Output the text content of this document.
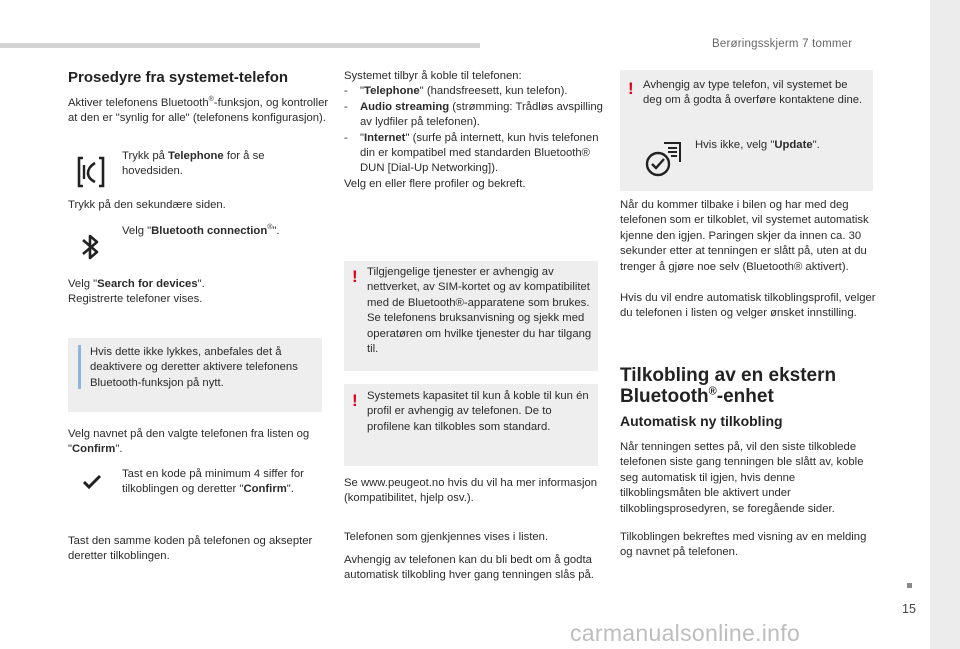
Berøringsskjerm 7 tommer
15
carmanualsonline.info
Prosedyre fra systemet-telefon
Aktiver telefonens Bluetooth®-funksjon, og kontroller at den er "synlig for alle" (telefonens konfigurasjon).
Trykk på Telephone for å se hovedsiden.
Trykk på den sekundære siden.
Velg "Bluetooth connection®".
Velg "Search for devices".
Registrerte telefoner vises.
Hvis dette ikke lykkes, anbefales det å deaktivere og deretter aktivere telefonens Bluetooth-funksjon på nytt.
Velg navnet på den valgte telefonen fra listen og "Confirm".
Tast en kode på minimum 4 siffer for tilkoblingen og deretter "Confirm".
Tast den samme koden på telefonen og aksepter deretter tilkoblingen.
Systemet tilbyr å koble til telefonen:
- "Telephone" (handsfreesett, kun telefon).
- Audio streaming (strømming: Trådløs avspilling av lydfiler på telefonen).
- "Internet" (surfe på internett, kun hvis telefonen din er kompatibel med standarden Bluetooth® DUN [Dial-Up Networking]).
Velg en eller flere profiler og bekreft.
! Tilgjengelige tjenester er avhengig av nettverket, av SIM-kortet og av kompatibilitet med de Bluetooth®-apparatene som brukes. Se telefonens bruksanvisning og sjekk med operatøren om hvilke tjenester du har tilgang til.
! Systemets kapasitet til kun å koble til kun én profil er avhengig av telefonen. De to profilene kan tilkobles som standard.
Se www.peugeot.no hvis du vil ha mer informasjon (kompatibilitet, hjelp osv.).
Telefonen som gjenkjennes vises i listen.
Avhengig av telefonen kan du bli bedt om å godta automatisk tilkobling hver gang tenningen slås på.
! Avhengig av type telefon, vil systemet be deg om å godta å overføre kontaktene dine.
Hvis ikke, velg "Update".
Når du kommer tilbake i bilen og har med deg telefonen som er tilkoblet, vil systemet automatisk kjenne den igjen. Paringen skjer da innen ca. 30 sekunder etter at tenningen er slått på, uten at du trenger å gjøre noe selv (Bluetooth® aktivert).
Hvis du vil endre automatisk tilkoblingsprofil, velger du telefonen i listen og velger ønsket innstilling.
Tilkobling av en ekstern
Bluetooth®-enhet
Automatisk ny tilkobling
Når tenningen settes på, vil den siste tilkoblede telefonen siste gang tenningen ble slått av, koble seg automatisk til igjen, hvis denne tilkoblingsmåten ble aktivert under tilkoblingsprosedyren, se foregående sider.
Tilkoblingen bekreftes med visning av en melding og navnet på telefonen.
